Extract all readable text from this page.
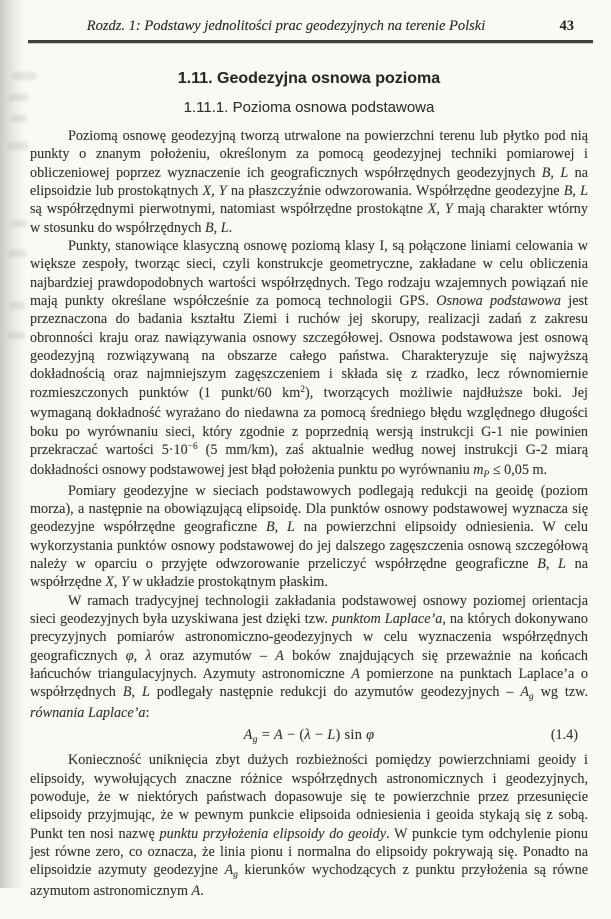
Rozdz. 1: Podstawy jednolitości prac geodezyjnych na terenie Polski	43
1.11. Geodezyjna osnowa pozioma
1.11.1. Pozioma osnowa podstawowa

Poziomą osnowę geodezyjną tworzą utrwalone na powierzchni terenu lub płytko pod nią punkty o znanym położeniu, określonym za pomocą geodezyjnej techniki pomiarowej i obliczeniowej poprzez wyznaczenie ich geograficznych współrzędnych geodezyjnych B, L na elipsoidzie lub prostokątnych X, Y na płaszczyźnie odwzorowania. Współrzędne geodezyjne B, L są współrzędnymi pierwotnymi, natomiast współrzędne prostokątne X, Y mają charakter wtórny w stosunku do współrzędnych B, L.

Punkty, stanowiące klasyczną osnowę poziomą klasy I, są połączone liniami celowania w większe zespoły, tworząc sieci, czyli konstrukcje geometryczne, zakładane w celu obliczenia najbardziej prawdopodobnych wartości współrzędnych. Tego rodzaju wzajemnych powiązań nie mają punkty określane współcześnie za pomocą technologii GPS. Osnowa podstawowa jest przeznaczona do badania kształtu Ziemi i ruchów jej skorupy, realizacji zadań z zakresu obronności kraju oraz nawiązywania osnowy szczegółowej. Osnowa podstawowa jest osnową geodezyjną rozwiązywaną na obszarze całego państwa. Charakteryzuje się najwyższą dokładnością oraz najmniejszym zagęszczeniem i składa się z rzadko, lecz równomiernie rozmieszczonych punktów (1 punkt/60 $km^2$), tworzących możliwie najdłuższe boki. Jej wymaganą dokładność wyrażano do niedawna za pomocą średniego błędu względnego długości boku po wyrównaniu sieci, który zgodnie z poprzednią wersją instrukcji G-1 nie powinien przekraczać wartości $5\cdot 10^{-6}$ (5 mm/km), zaś aktualnie według nowej instrukcji G-2 miarą dokładności osnowy podstawowej jest błąd położenia punktu po wyrównaniu mP ≤ 0,05 m.

Pomiary geodezyjne w sieciach podstawowych podlegają redukcji na geoidę (poziom morza), a następnie na obowiązującą elipsoidę. Dla punktów osnowy podstawowej wyznacza się geodezyjne współrzędne geograficzne B, L na powierzchni elipsoidy odniesienia. W celu wykorzystania punktów osnowy podstawowej do jej dalszego zagęszczenia osnową szczegółową należy w oparciu o przyjęte odwzorowanie przeliczyć współrzędne geograficzne B, L na współrzędne X, Y w układzie prostokątnym płaskim.

W ramach tradycyjnej technologii zakładania podstawowej osnowy poziomej orientacja sieci geodezyjnych była uzyskiwana jest dzięki tzw. punktom Laplace’a, na których dokonywano precyzyjnych pomiarów astronomiczno-geodezyjnych w celu wyznaczenia współrzędnych geograficznych φ, λ oraz azymutów – A boków znajdujących się przeważnie na końcach łańcuchów triangulacyjnych. Azymuty astronomiczne A pomierzone na punktach Laplace’a o współrzędnych B, L podlegały następnie redukcji do azymutów geodezyjnych – Ag wg tzw. równania Laplace’a:

Ag = A − (λ − L) sin φ	(1.4)

Konieczność uniknięcia zbyt dużych rozbieżności pomiędzy powierzchniami geoidy i elipsoidy, wywołujących znaczne różnice współrzędnych astronomicznych i geodezyjnych, powoduje, że w niektórych państwach dopasowuje się te powierzchnie przez przesunięcie elipsoidy przyjmując, że w pewnym punkcie elipsoida odniesienia i geoida stykają się z sobą. Punkt ten nosi nazwę punktu przyłożenia elipsoidy do geoidy. W punkcie tym odchylenie pionu jest równe zero, co oznacza, że linia pionu i normalna do elipsoidy pokrywają się. Ponadto na elipsoidzie azymuty geodezyjne Ag kierunków wychodzących z punktu przyłożenia są równe azymutom astronomicznym A.
